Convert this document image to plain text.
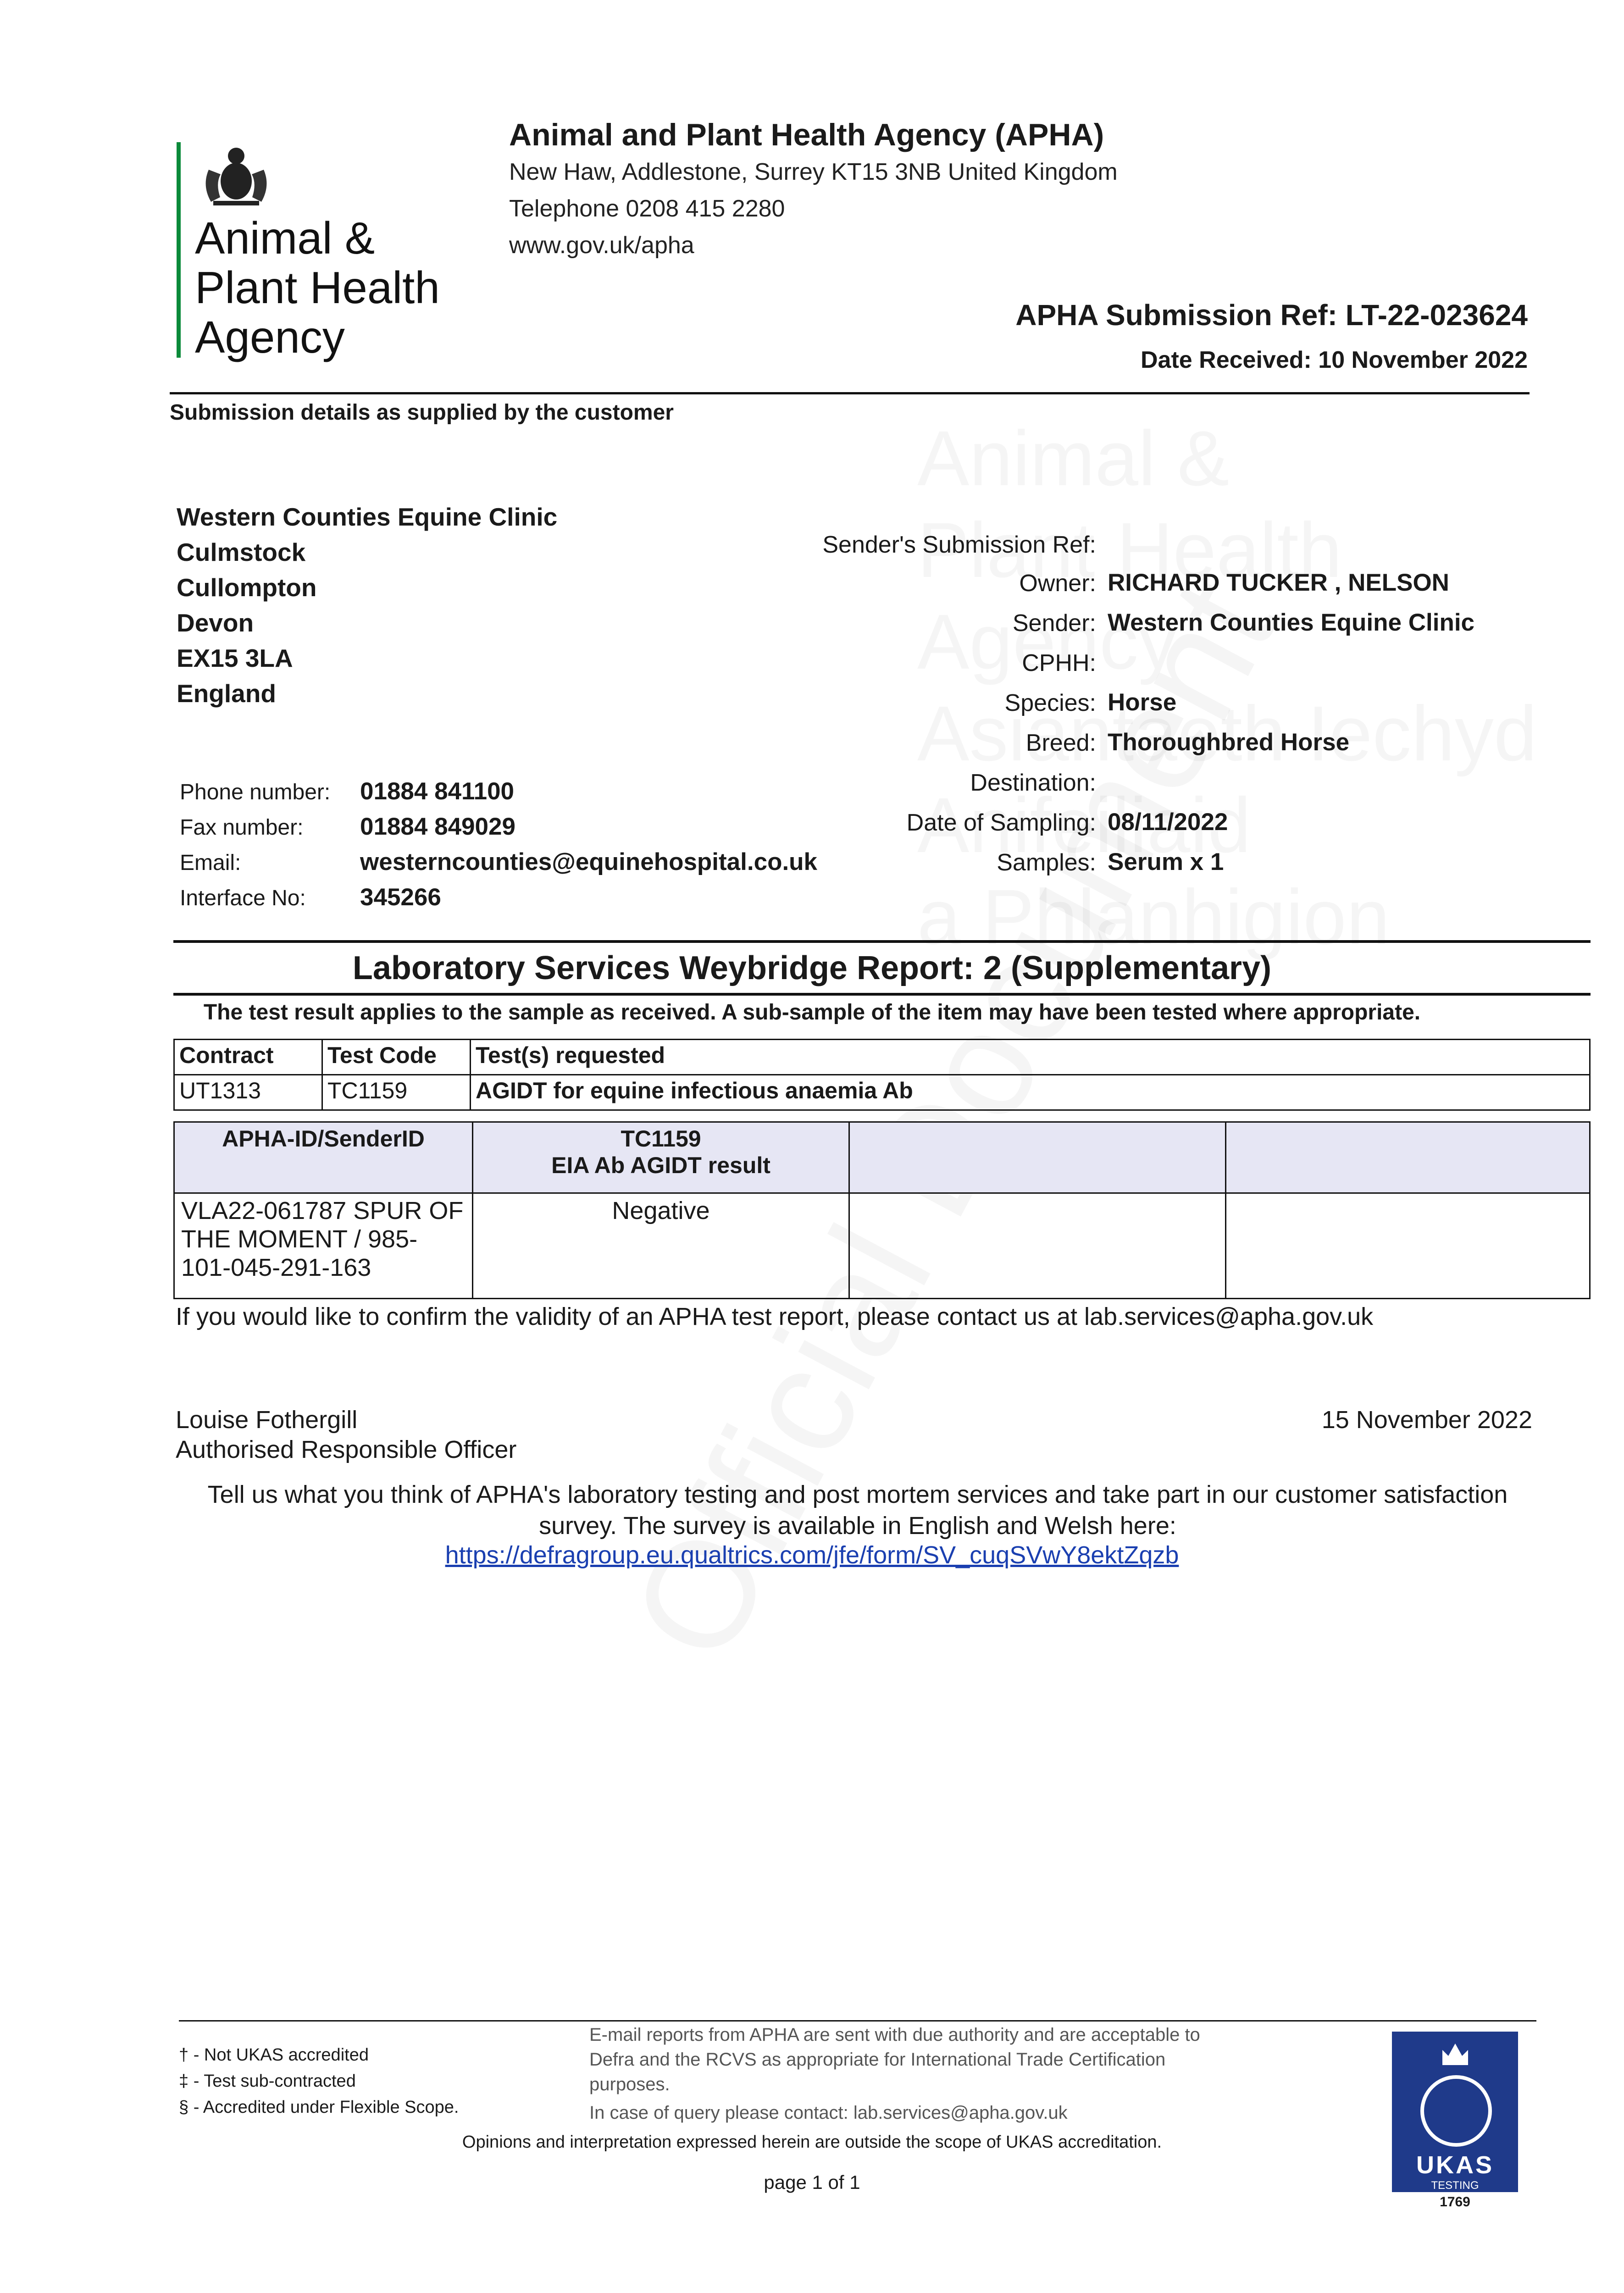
Animal &
Plant Health
Agency
Animal and Plant Health Agency (APHA)
New Haw, Addlestone, Surrey KT15 3NB United Kingdom
Telephone 0208 415 2280
www.gov.uk/apha
APHA Submission Ref: LT-22-023624
Date Received: 10 November 2022
Submission details as supplied by the customer
Western Counties Equine Clinic
Culmstock
Cullompton
Devon
EX15 3LA
England
Phone number: 01884 841100
Fax number: 01884 849029
Email:	westerncounties@equinehospital.co.uk
Interface No: 345266
Sender's Submission Ref:
Owner: RICHARD TUCKER , NELSON
Sender: Western Counties Equine Clinic
CPHH:
Species: Horse
Breed: Thoroughbred Horse
Destination:
Date of Sampling: 08/11/2022
Samples: Serum x 1
Laboratory Services Weybridge Report: 2 (Supplementary)
The test result applies to the sample as received. A sub-sample of the item may have been tested where appropriate.
Contract	Test Code	Test(s) requested
UT1313	TC1159	AGIDT for equine infectious anaemia Ab
APHA-ID/SenderID	TC1159
EIA Ab AGIDT result		

VLA22-061787 SPUR OF THE MOMENT / 985-101-045-291-163	Negative		
If you would like to confirm the validity of an APHA test report, please contact us at lab.services@apha.gov.uk
Louise Fothergill
Authorised Responsible Officer
15 November 2022
Tell us what you think of APHA's laboratory testing and post mortem services and take part in our customer satisfaction
survey. The survey is available in English and Welsh here:
https://defragroup.eu.qualtrics.com/jfe/form/SV_cuqSVwY8ektZqzb
† - Not UKAS accredited
‡ - Test sub-contracted
§ - Accredited under Flexible Scope.
E-mail reports from APHA are sent with due authority and are acceptable to
Defra and the RCVS as appropriate for International Trade Certification
purposes.
In case of query please contact: lab.services@apha.gov.uk
Opinions and interpretation expressed herein are outside the scope of UKAS accreditation.
page 1 of 1
UKAS
TESTING
1769
